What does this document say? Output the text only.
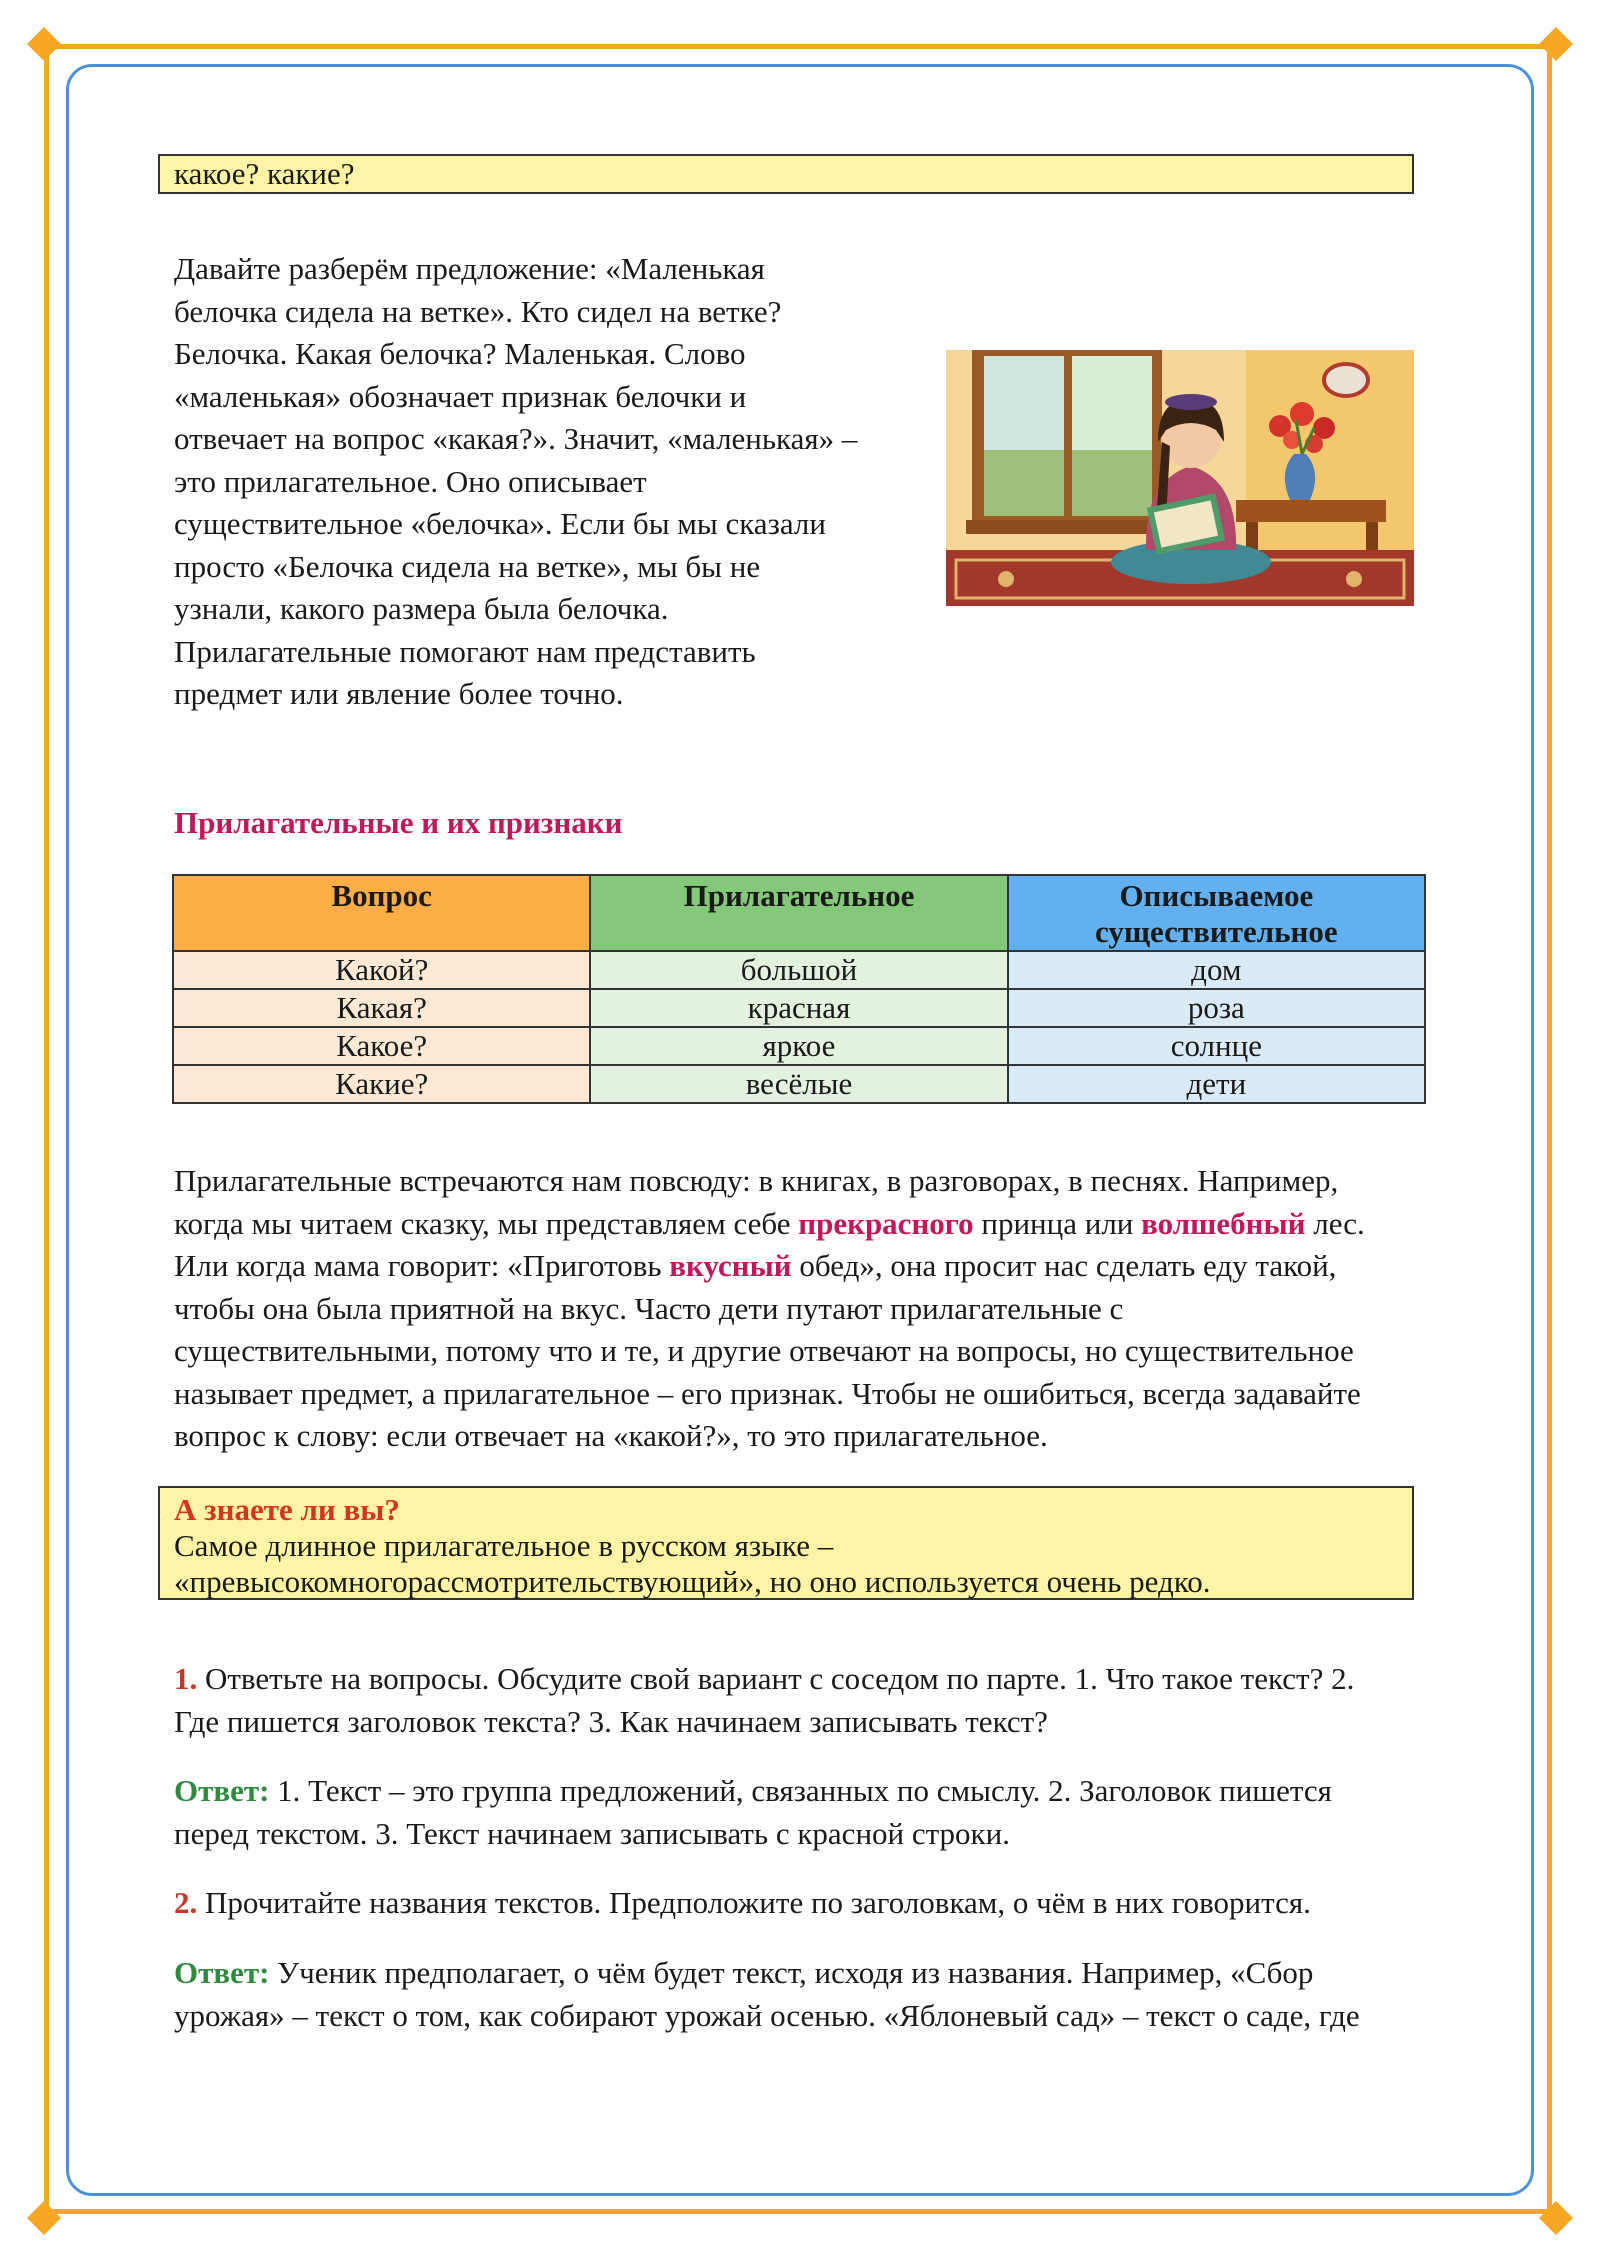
какое? какие?
Давайте разберём предложение: «Маленькая
белочка сидела на ветке». Кто сидел на ветке?
Белочка. Какая белочка? Маленькая. Слово
«маленькая» обозначает признак белочки и
отвечает на вопрос «какая?». Значит, «маленькая» –
это прилагательное. Оно описывает
существительное «белочка». Если бы мы сказали
просто «Белочка сидела на ветке», мы бы не
узнали, какого размера была белочка.
Прилагательные помогают нам представить
предмет или явление более точно.
Прилагательные и их признаки
Вопрос	Прилагательное	Описываемое существительное
Какой?	большой	дом
Какая?	красная	роза
Какое?	яркое	солнце
Какие?	весёлые	дети
Прилагательные встречаются нам повсюду: в книгах, в разговорах, в песнях. Например,
когда мы читаем сказку, мы представляем себе прекрасного принца или волшебный лес.
Или когда мама говорит: «Приготовь вкусный обед», она просит нас сделать еду такой,
чтобы она была приятной на вкус. Часто дети путают прилагательные с
существительными, потому что и те, и другие отвечают на вопросы, но существительное
называет предмет, а прилагательное – его признак. Чтобы не ошибиться, всегда задавайте
вопрос к слову: если отвечает на «какой?», то это прилагательное.
А знаете ли вы?
Самое длинное прилагательное в русском языке –
«превысокомногорассмотрительствующий», но оно используется очень редко.
1. Ответьте на вопросы. Обсудите свой вариант с соседом по парте. 1. Что такое текст? 2.
Где пишется заголовок текста? 3. Как начинаем записывать текст?
Ответ: 1. Текст – это группа предложений, связанных по смыслу. 2. Заголовок пишется
перед текстом. 3. Текст начинаем записывать с красной строки.
2. Прочитайте названия текстов. Предположите по заголовкам, о чём в них говорится.
Ответ: Ученик предполагает, о чём будет текст, исходя из названия. Например, «Сбор
урожая» – текст о том, как собирают урожай осенью. «Яблоневый сад» – текст о саде, где
